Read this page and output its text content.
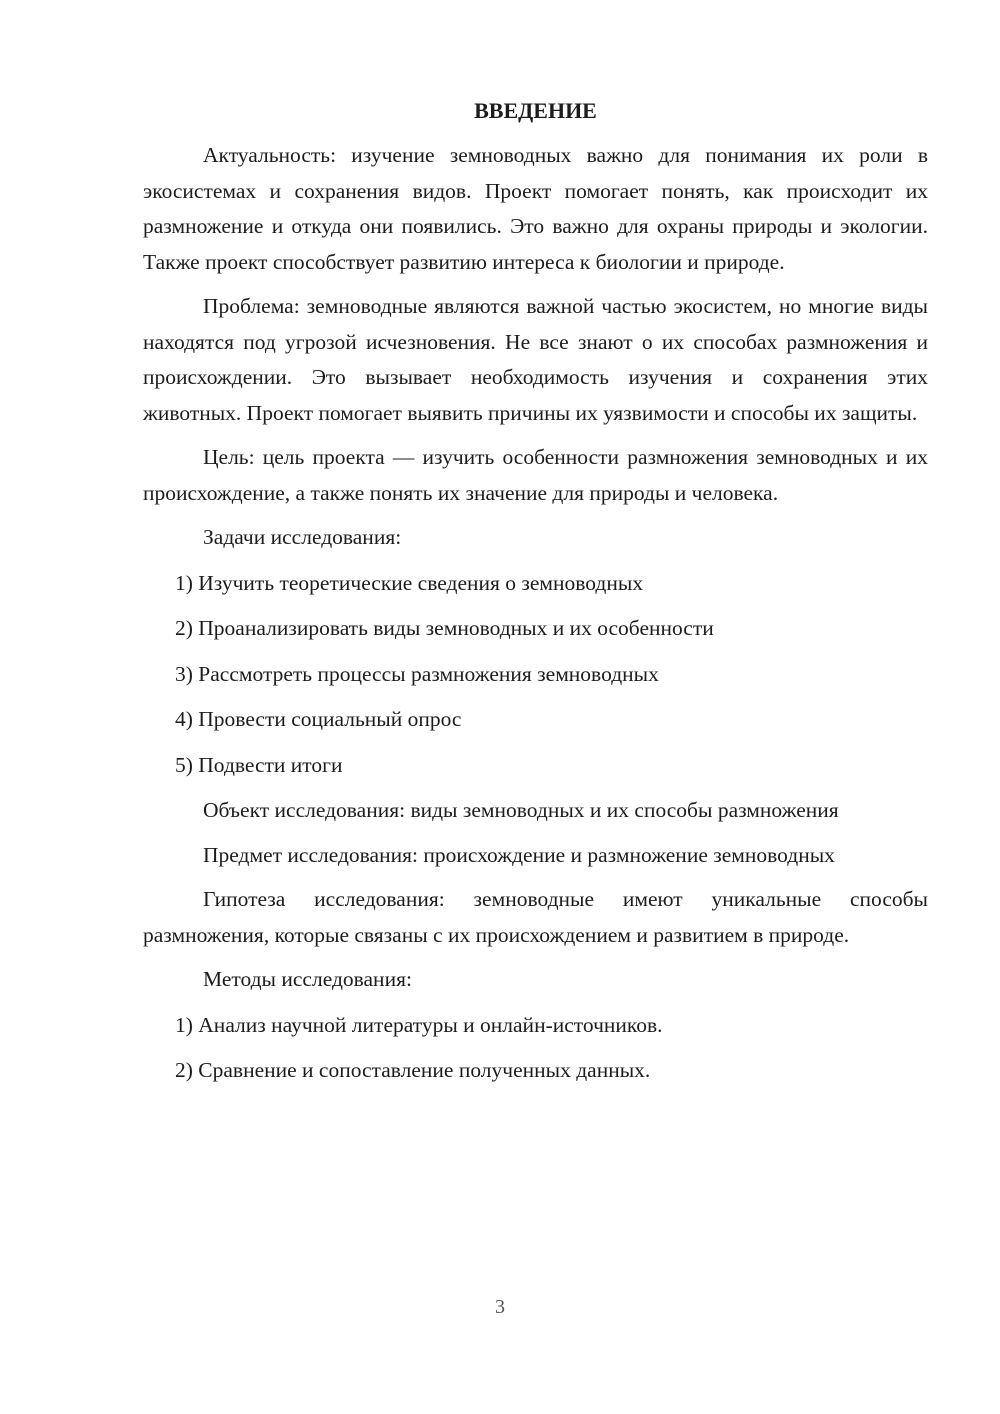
ВВЕДЕНИЕ

Актуальность: изучение земноводных важно для понимания их роли в экосистемах и сохранения видов. Проект помогает понять, как происходит их размножение и откуда они появились. Это важно для охраны природы и экологии. Также проект способствует развитию интереса к биологии и природе.

Проблема: земноводные являются важной частью экосистем, но многие виды находятся под угрозой исчезновения. Не все знают о их способах размножения и происхождении. Это вызывает необходимость изучения и сохранения этих животных. Проект помогает выявить причины их уязвимости и способы их защиты.

Цель: цель проекта — изучить особенности размножения земноводных и их происхождение, а также понять их значение для природы и человека.

Задачи исследования:
1) Изучить теоретические сведения о земноводных
2) Проанализировать виды земноводных и их особенности
3) Рассмотреть процессы размножения земноводных
4) Провести социальный опрос
5) Подвести итоги

Объект исследования: виды земноводных и их способы размножения

Предмет исследования: происхождение и размножение земноводных

Гипотеза исследования: земноводные имеют уникальные способы размножения, которые связаны с их происхождением и развитием в природе.

Методы исследования:
1) Анализ научной литературы и онлайн-источников.
2) Сравнение и сопоставление полученных данных.
3
